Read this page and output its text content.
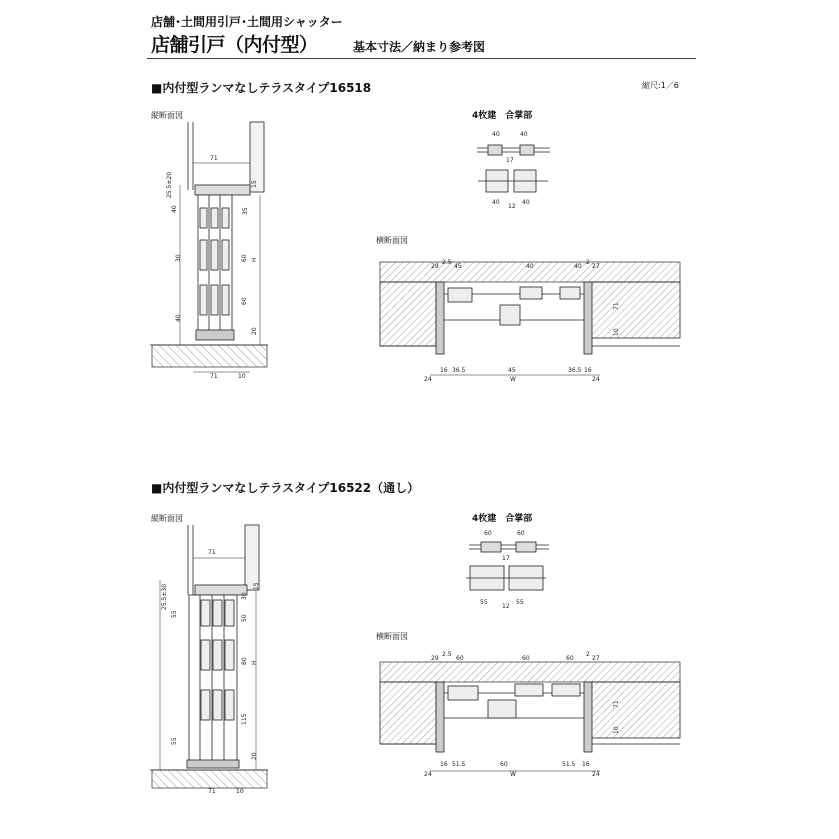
店舗･土間用引戸･土間用シャッター
店舗引戸（内付型）	基本寸法／納まり参考図
縮尺:1／6
■内付型ランマなしテラスタイプ16518
縦断面図	4枚建　合掌部
横断面図
■内付型ランマなしテラスタイプ16522（通し）
縦断面図	4枚建　合掌部
横断面図
71
25.5±20
40
15
35
30	60 H
60
40
20
71	10
40	40
17
40
12
40
29
2.5
45	40	40
2
27
71
10
16 36.5	45	36.5 16
24	W	24
71
25.5±30	15
30
55
50
80 H
115
55
20
71	10
60	60
17
55
12
55
29
2.5
60	60	60
2
27
71
10
16 51.5	60	51.5 16
24	W	24
